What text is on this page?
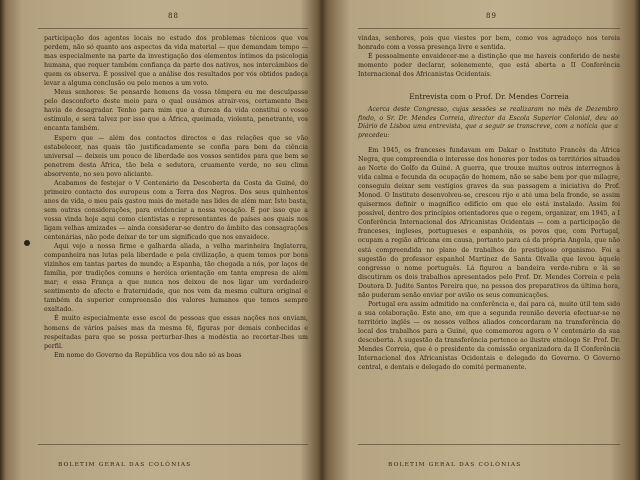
88

participação dos agentes locais no estudo dos problemas técnicos que vos perdem, não só quanto aos aspectos da vida material — que demandam tempo — mas especialmente na parte da investigação dos elementos íntimos da psicologia humana, que requer também confiança da parte dos nativos, nos intercâmbios de quem os observa. É possível que a análise dos resultados por vós obtidos padeça levar a alguma conclusão ou pelo menos a um voto.

Meus senhores: Se pensarde homens da vossa têmpera eu me desculpasse pelo desconforto deste meio para o qual ousámos atrair-vos, certamente lhes havia de desagradar. Tenho para mim que a dureza da vida constitui o vosso estímulo, e será talvez por isso que a África, queimada, violenta, penetrante, vos encanta também.

Espero que — além dos contactos directos e das relações que se vão estabelecer, nas quais tão justificadamente se confia para bem da ciência universal — deixeis um pouco de liberdade aos vossos sentidos para que bem se penetrem desta África, tão bela e sedutora, cruamente verde, no seu clima absorvente, no seu povo aliciante.

Acabamos de festejar o V Centenário da Descoberta da Costa da Guiné, do primeiro contacto dos europeus com a Terra dos Negros. Dos seus quinhentos anos de vida, o meu país gastou mais de metade nas lides de além mar. Isto basta, sem outras considerações, para evidenciar a nossa vocação. É por isso que a vossa vinda hoje aqui como cientistas e representantes de países aos quais nos ligam velhas amizades — ainda considerar-se dentro do âmbito das consagrações centenárias, não pode deixar de ter um significado que nos envaidece.

Aqui vejo a nossa firme e galharda aliada, a velha marinheira Inglaterra, companheira nas lutas pela liberdade e pela civilização, a quem temos por bons vizinhos em tantas partes do mundo; a Espanha, tão chegada a nós, por laços de família, por tradições comuns e heróica orientação em tanta empresa de além mar; e essa França a que nunca nos deixou de nos ligar um verdadeiro sentimento de afecto e fraternidade, que nos vem da mesma cultura original e também da superior compreensão dos valores humanos que temos sempre exaltado.

É muito especialmente esse escol de pessoas que essas nações nos enviam, homens de vários países mas da mesma fé, figuras por demais conhecidas e respeitadas para que se possa perturbar-lhes a modéstia ao recortar-lhes um perfil.

Em nome do Governo da República vos dou não só as boas

BOLETIM GERAL DAS COLÓNIAS
89

vindas, senhores, pois que viestes por bem, como vos agradeço nos tereis honrado com a vossa presença livre e sentida.

É pessoalmente envaidecer-me a distinção que me haveis conferido de neste momento poder declarar, solenemente, que está aberta a II Conferência Internacional dos Africanistas Ocidentais.

Entrevista com o Prof. Dr. Mendes Correia
Acerca deste Congresso, cujas sessões se realizaram no mês de Dezembro findo, o Sr. Dr. Mendes Correia, director da Escola Superior Colonial, deu ao Diário de Lisboa uma entrevista, que a seguir se transcreve, com a notícia que a precedeu:

Em 1945, os franceses fundavam em Dakar o Instituto Francês da África Negra, que compreendia o interesse dos honores por todos os territórios situados ao Norte do Golfo da Guiné. A guerra, que trouxe muitos outros interregnos à vida calma e fecunda da ocupação do homem, não se sabe bem por que milagre, conseguiu deixar sem vestígios graves da sua passagem a iniciativa do Prof. Monod. O Instituto desenvolveu-se, cresceu rijo e até uma bela fronde, se assim quisermos definir o magnífico edifício em que ele está instalado. Assim foi possível, dentro dos princípios orientadores que o regem, organizar, em 1945, a I Conferência Internacional dos Africanistas Ocidentais — com a participação de franceses, ingleses, portugueses e espanhóis, os povos que, com Portugal, ocupam a região africana em causa, portanto para cá da própria Angola, que não está compreendida no plano de trabalhos do prestigioso organismo. Foi a sugestão do professor espanhol Martínez de Santa Olvalla que levou àquele congresso o nome português. Lá figurou a bandeira verde-rubra e lá se discutiram os dois trabalhos apresentados pelo Prof. Dr. Mendes Correia e pela Doutora D. Judite Santos Pereira que, na pessoa dos preparativos da última hora, não puderam senão enviar por avião os seus comunicações.

Portugal era assim admitido na conferência e, daí para cá, muito útil tem sido a sua colaboração. Este ano, em que a segunda reunião deveria efectuar-se no território inglês — os nossos velhos aliados concordaram na transferência do local dos trabalhos para a Guiné, que comemorou agora o V centenário da sua descoberta. A sugestão da transferência pertence ao ilustre etnólogo Sr. Prof. Dr. Mendes Correia, que é o presidente da comissão organizadora da II Conferência Internacional dos Africanistas Ocidentais e delegado do Governo. O Governo central, e dentais e delegado do comité permanente.

BOLETIM GERAL DAS COLÓNIAS
